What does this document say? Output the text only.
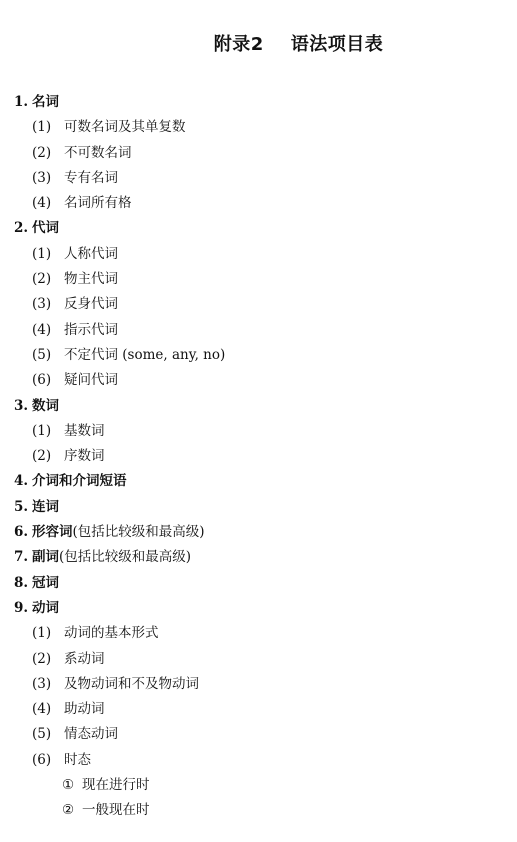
附录2    语法项目表
1. 名词
(1) 可数名词及其单复数
(2) 不可数名词
(3) 专有名词
(4) 名词所有格
2. 代词
(1) 人称代词
(2) 物主代词
(3) 反身代词
(4) 指示代词
(5) 不定代词 (some, any, no)
(6) 疑问代词
3. 数词
(1) 基数词
(2) 序数词
4. 介词和介词短语
5. 连词
6. 形容词(包括比较级和最高级)
7. 副词(包括比较级和最高级)
8. 冠词
9. 动词
(1) 动词的基本形式
(2) 系动词
(3) 及物动词和不及物动词
(4) 助动词
(5) 情态动词
(6) 时态
① 现在进行时
② 一般现在时
